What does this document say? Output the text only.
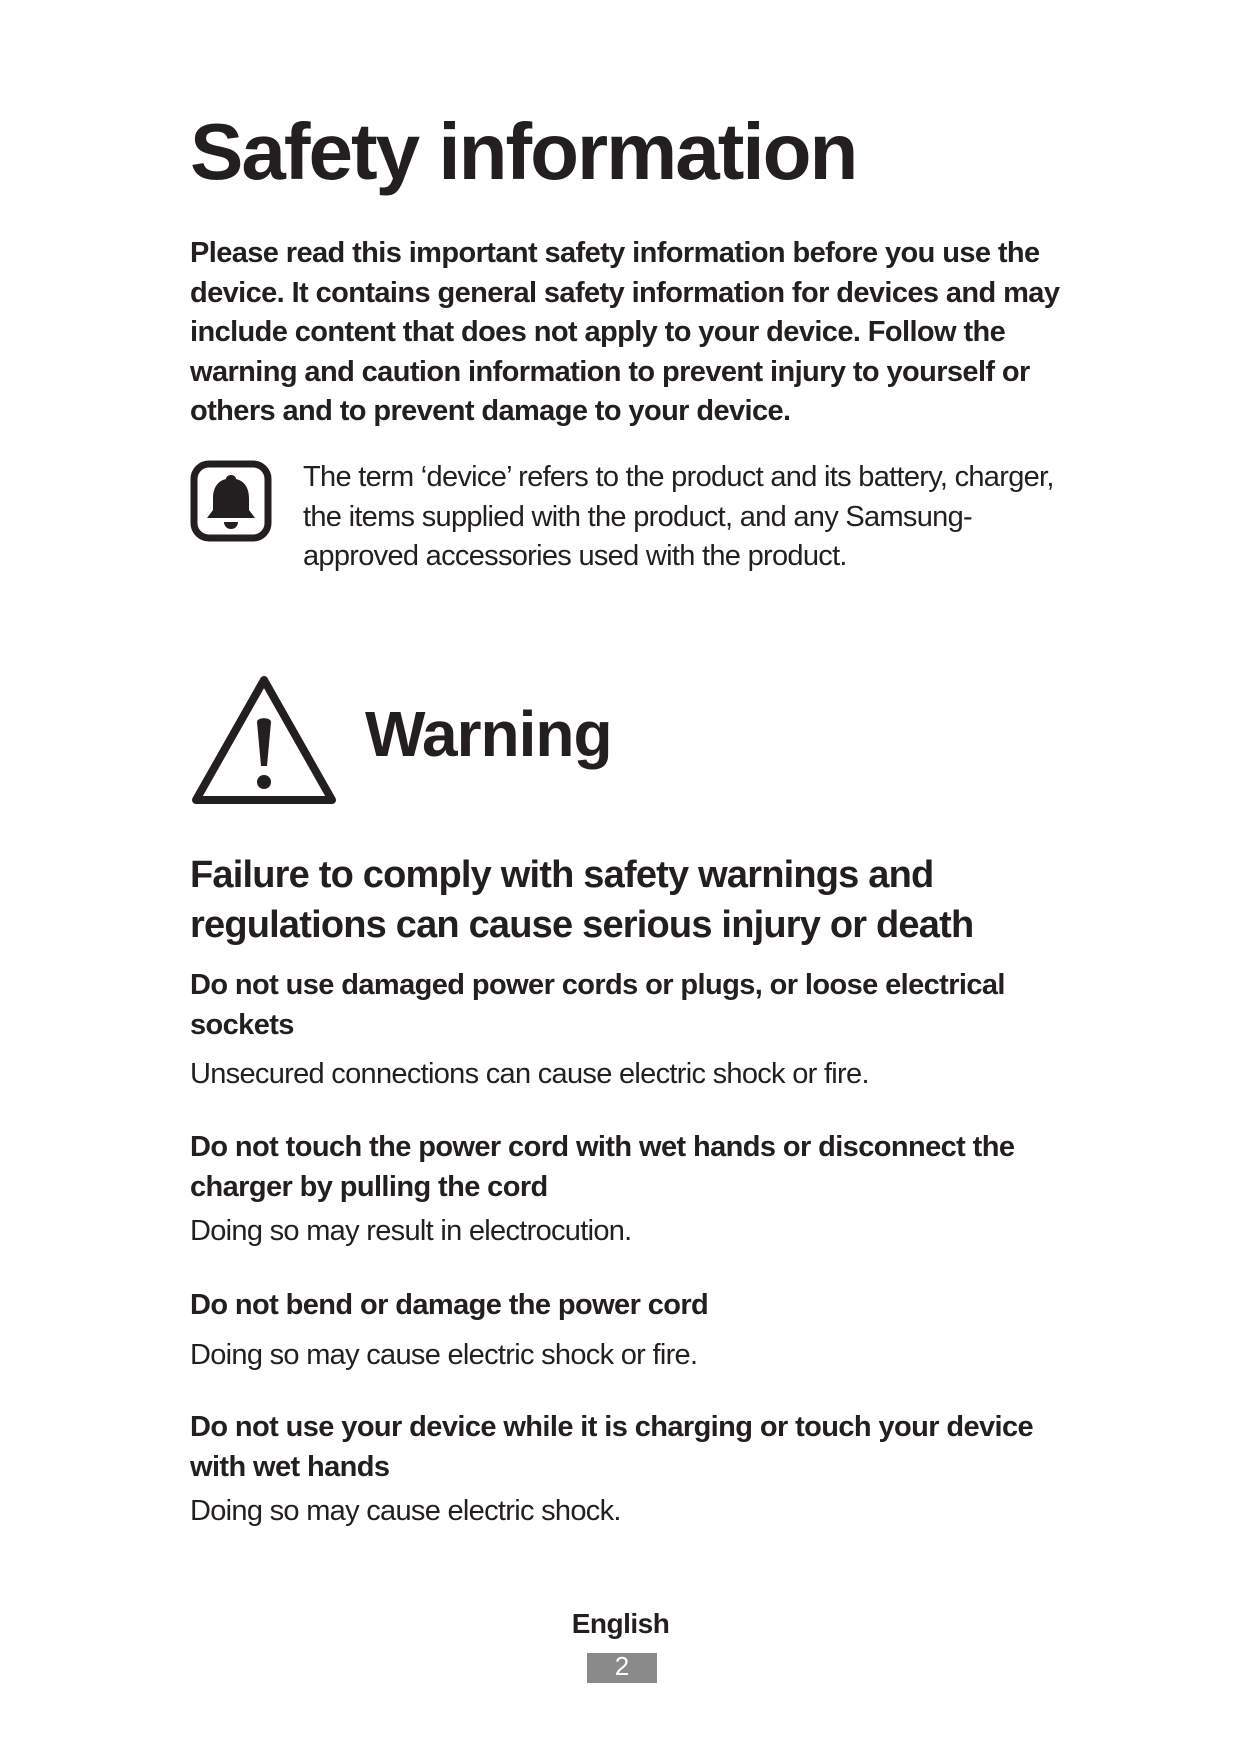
Safety information

Please read this important safety information before you use the device. It contains general safety information for devices and may include content that does not apply to your device. Follow the warning and caution information to prevent injury to yourself or others and to prevent damage to your device.

The term ‘device’ refers to the product and its battery, charger, the items supplied with the product, and any Samsung-approved accessories used with the product.

Warning
Failure to comply with safety warnings and regulations can cause serious injury or death
Do not use damaged power cords or plugs, or loose electrical sockets

Unsecured connections can cause electric shock or fire.

Do not touch the power cord with wet hands or disconnect the charger by pulling the cord

Doing so may result in electrocution.

Do not bend or damage the power cord

Doing so may cause electric shock or fire.

Do not use your device while it is charging or touch your device with wet hands

Doing so may cause electric shock.

English

2
